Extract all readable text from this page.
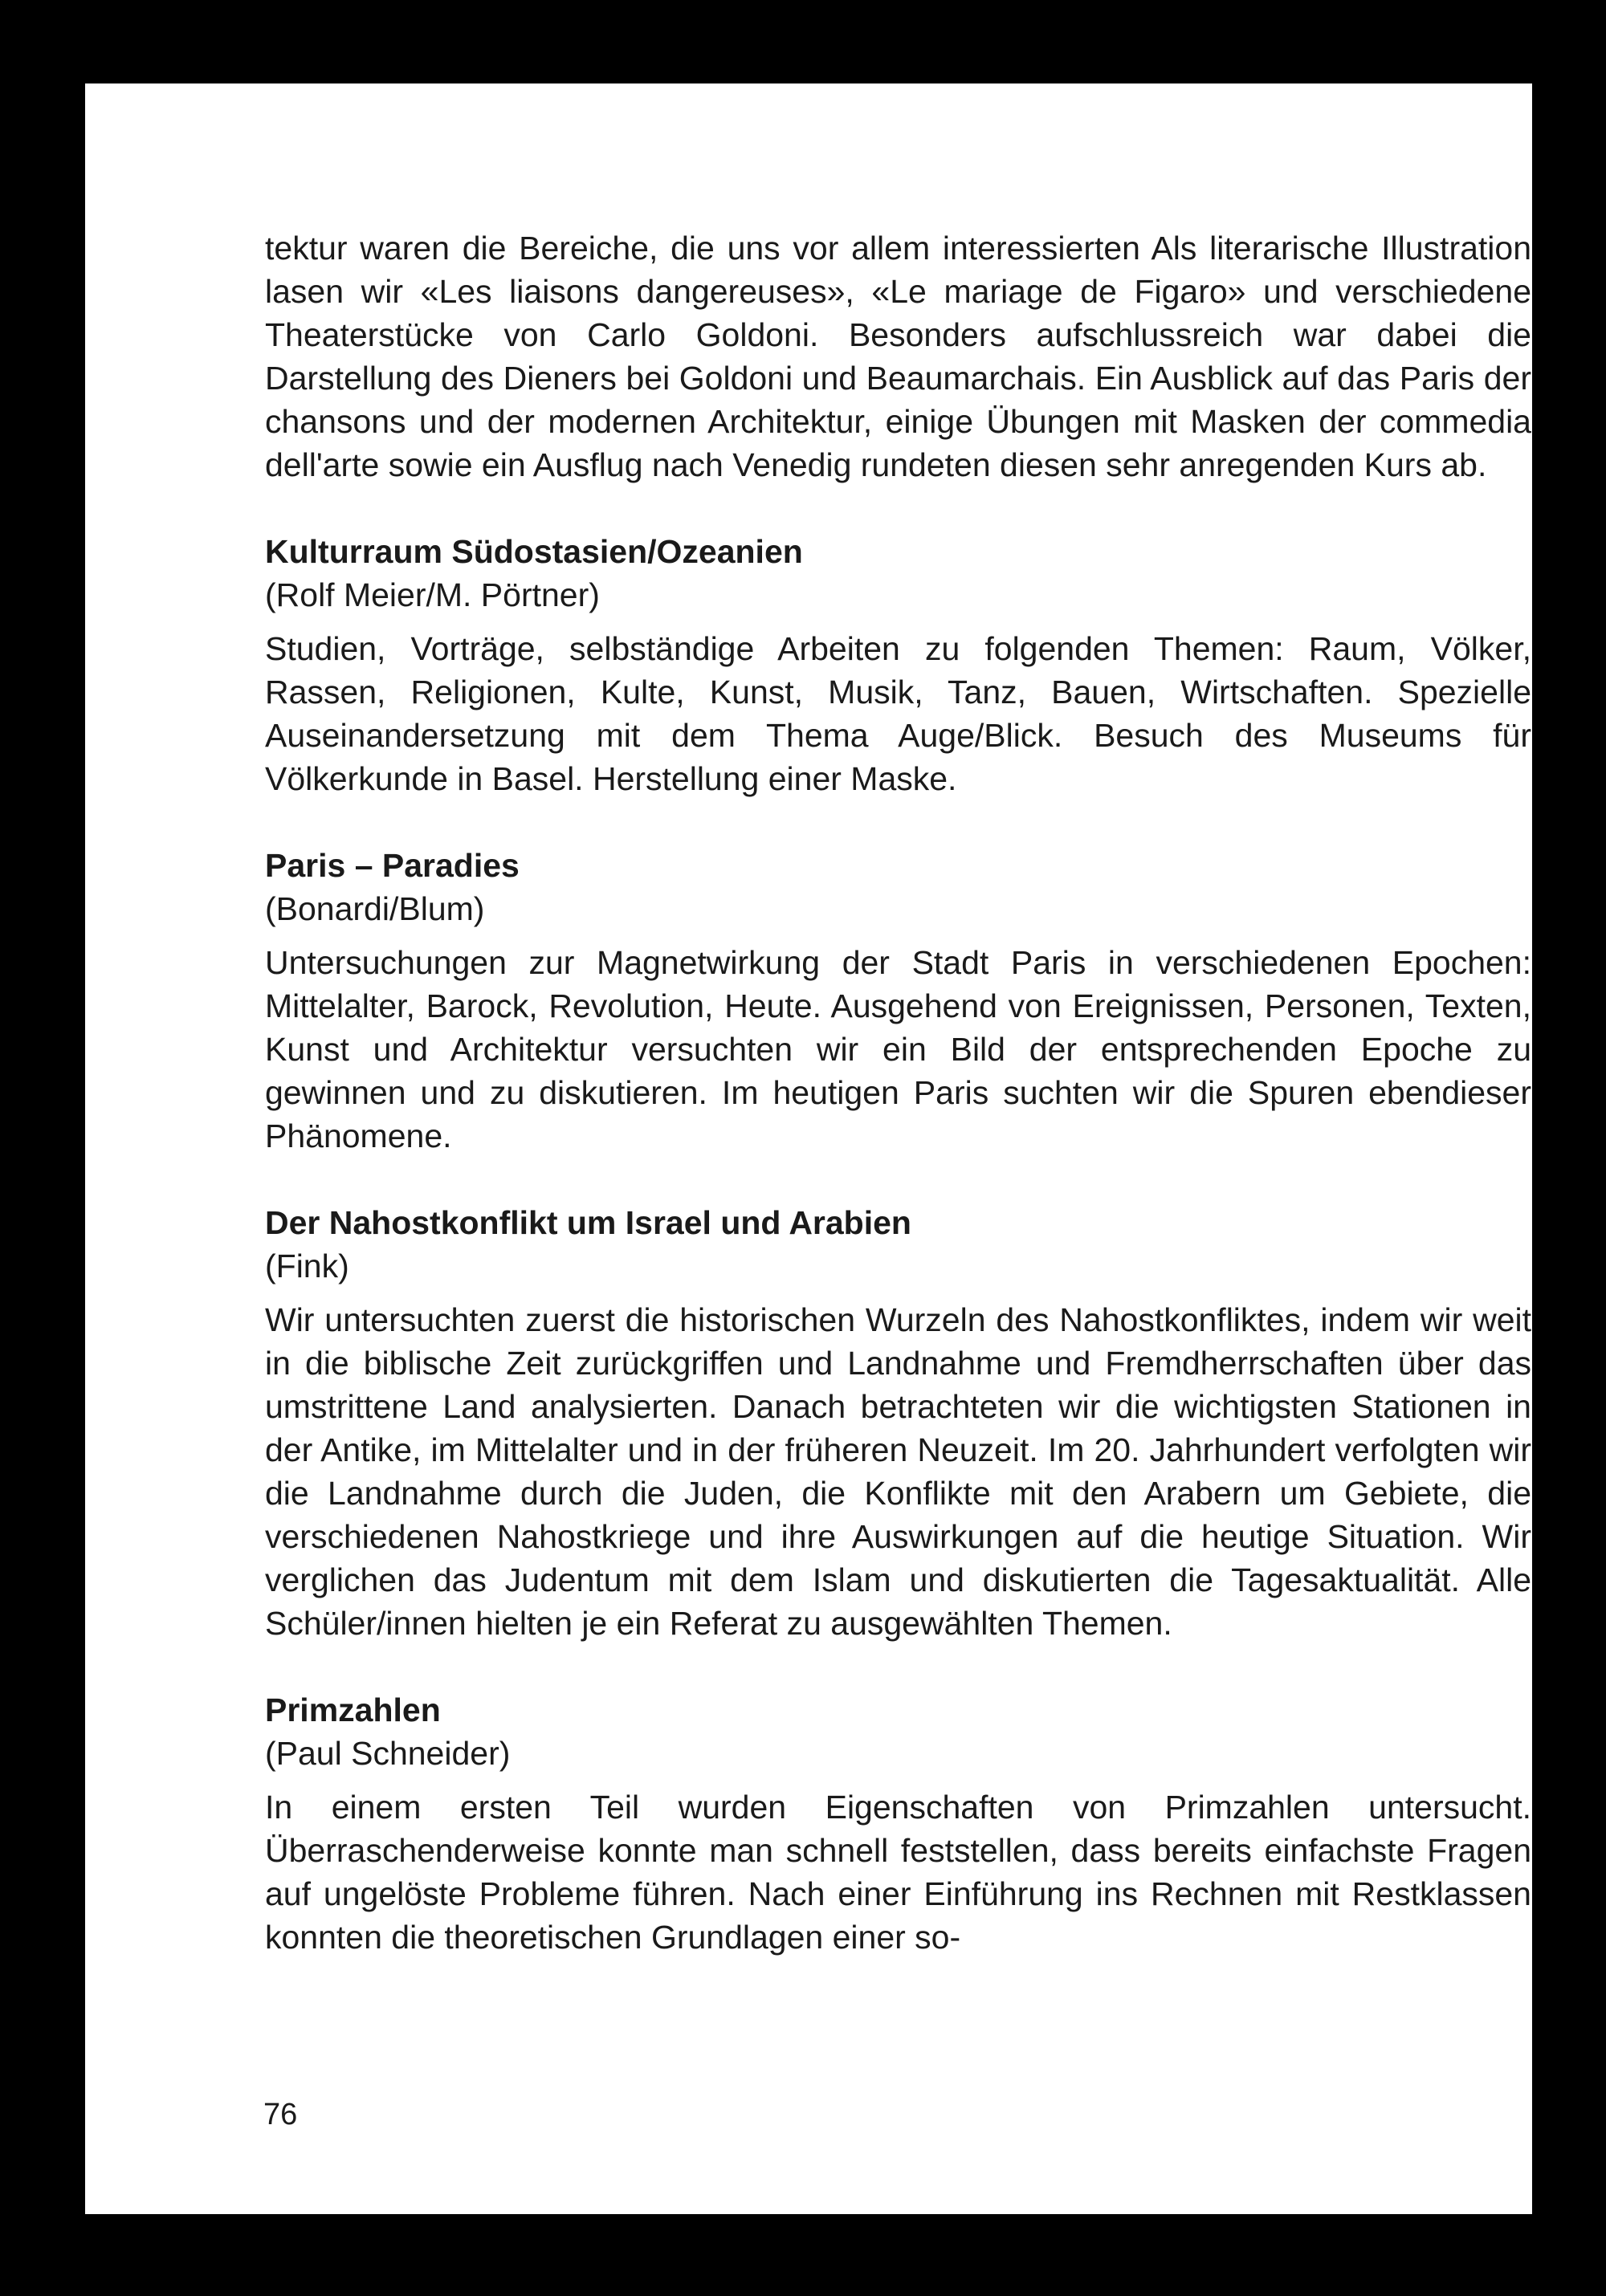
tektur waren die Bereiche, die uns vor allem interessierten Als literarische Illustration lasen wir «Les liaisons dangereuses», «Le mariage de Figaro» und verschiedene Theaterstücke von Carlo Goldoni. Besonders aufschlussreich war dabei die Darstellung des Dieners bei Goldoni und Beaumarchais. Ein Ausblick auf das Paris der chansons und der modernen Architektur, einige Übungen mit Masken der commedia dell'arte sowie ein Ausflug nach Venedig rundeten diesen sehr anregenden Kurs ab.

Kulturraum Südostasien/Ozeanien

(Rolf Meier/M. Pörtner)

Studien, Vorträge, selbständige Arbeiten zu folgenden Themen: Raum, Völker, Rassen, Religionen, Kulte, Kunst, Musik, Tanz, Bauen, Wirtschaften. Spezielle Auseinandersetzung mit dem Thema Auge/Blick. Besuch des Museums für Völkerkunde in Basel. Herstellung einer Maske.

Paris – Paradies

(Bonardi/Blum)

Untersuchungen zur Magnetwirkung der Stadt Paris in verschiedenen Epochen: Mittelalter, Barock, Revolution, Heute. Ausgehend von Ereignissen, Personen, Texten, Kunst und Architektur versuchten wir ein Bild der entsprechenden Epoche zu gewinnen und zu diskutieren. Im heutigen Paris suchten wir die Spuren ebendieser Phänomene.

Der Nahostkonflikt um Israel und Arabien

(Fink)

Wir untersuchten zuerst die historischen Wurzeln des Nahostkonfliktes, indem wir weit in die biblische Zeit zurückgriffen und Landnahme und Fremdherrschaften über das umstrittene Land analysierten. Danach betrachteten wir die wichtigsten Stationen in der Antike, im Mittelalter und in der früheren Neuzeit. Im 20. Jahrhundert verfolgten wir die Landnahme durch die Juden, die Konflikte mit den Arabern um Gebiete, die verschiedenen Nahostkriege und ihre Auswirkungen auf die heutige Situation. Wir verglichen das Judentum mit dem Islam und diskutierten die Tagesaktualität. Alle Schüler/innen hielten je ein Referat zu ausgewählten Themen.

Primzahlen

(Paul Schneider)

In einem ersten Teil wurden Eigenschaften von Primzahlen untersucht. Überraschenderweise konnte man schnell feststellen, dass bereits einfachste Fragen auf ungelöste Probleme führen. Nach einer Einführung ins Rechnen mit Restklassen konnten die theoretischen Grundlagen einer so-

76
